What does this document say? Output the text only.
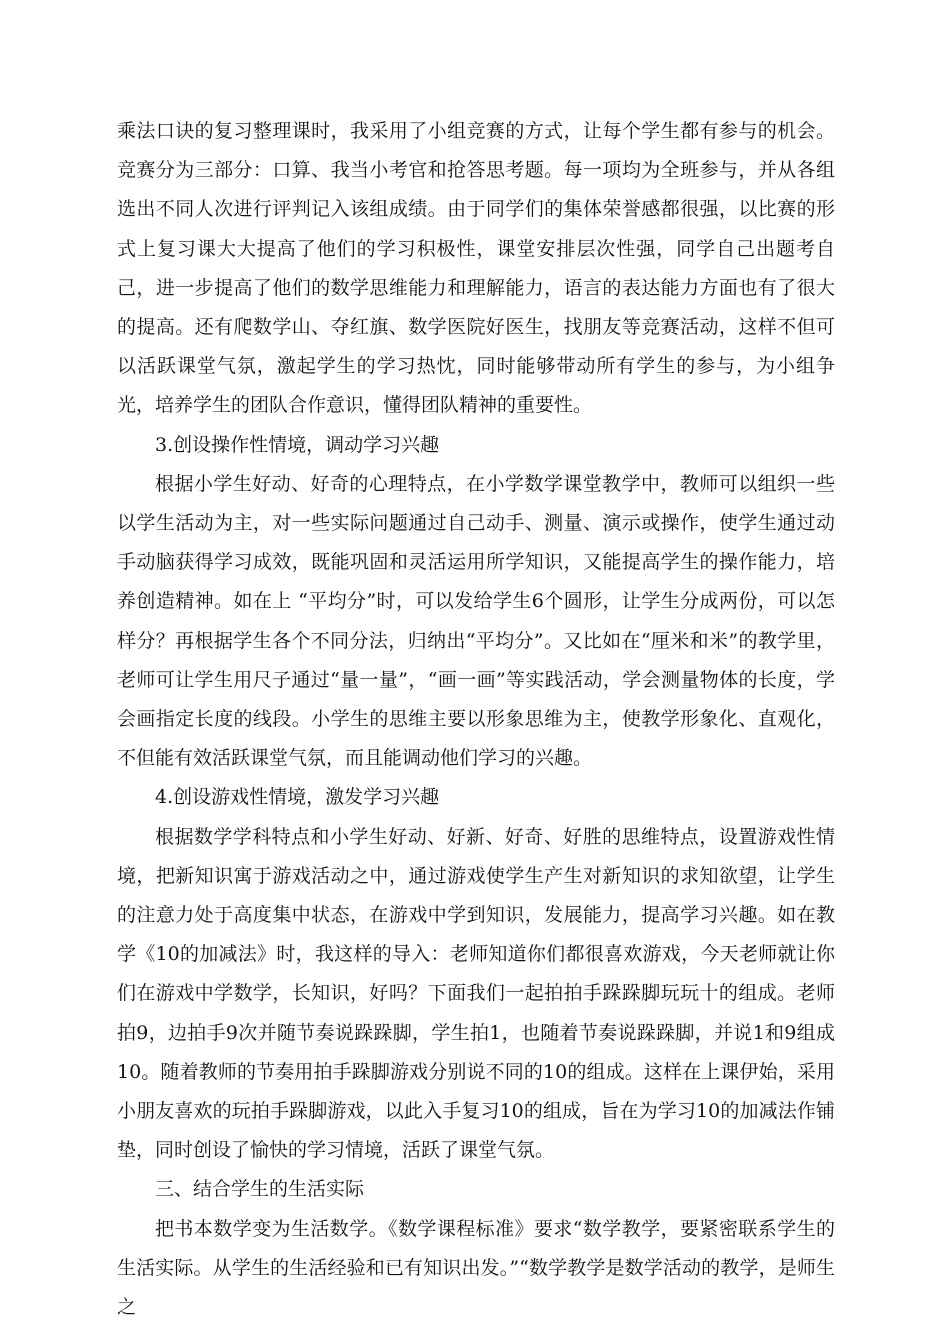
乘法口诀的复习整理课时，我采用了小组竞赛的方式，让每个学生都有参与的机会。竞赛分为三部分：口算、我当小考官和抢答思考题。每一项均为全班参与，并从各组选出不同人次进行评判记入该组成绩。由于同学们的集体荣誉感都很强，以比赛的形式上复习课大大提高了他们的学习积极性，课堂安排层次性强，同学自己出题考自己，进一步提高了他们的数学思维能力和理解能力，语言的表达能力方面也有了很大的提高。还有爬数学山、夺红旗、数学医院好医生，找朋友等竞赛活动，这样不但可以活跃课堂气氛，激起学生的学习热忱，同时能够带动所有学生的参与，为小组争光，培养学生的团队合作意识，懂得团队精神的重要性。

3.创设操作性情境，调动学习兴趣

根据小学生好动、好奇的心理特点，在小学数学课堂教学中，教师可以组织一些以学生活动为主，对一些实际问题通过自己动手、测量、演示或操作，使学生通过动手动脑获得学习成效，既能巩固和灵活运用所学知识，又能提高学生的操作能力，培养创造精神。如在上 “平均分”时，可以发给学生6个圆形，让学生分成两份，可以怎样分？再根据学生各个不同分法，归纳出“平均分”。又比如在“厘米和米”的教学里，老师可让学生用尺子通过“量一量”，“画一画”等实践活动，学会测量物体的长度，学会画指定长度的线段。小学生的思维主要以形象思维为主，使教学形象化、直观化，不但能有效活跃课堂气氛，而且能调动他们学习的兴趣。

4.创设游戏性情境，激发学习兴趣

根据数学学科特点和小学生好动、好新、好奇、好胜的思维特点，设置游戏性情境，把新知识寓于游戏活动之中，通过游戏使学生产生对新知识的求知欲望，让学生的注意力处于高度集中状态，在游戏中学到知识，发展能力，提高学习兴趣。如在教学《10的加减法》时，我这样的导入：老师知道你们都很喜欢游戏，今天老师就让你们在游戏中学数学，长知识，好吗？下面我们一起拍拍手跺跺脚玩玩十的组成。老师拍9，边拍手9次并随节奏说跺跺脚，学生拍1，也随着节奏说跺跺脚，并说1和9组成10。随着教师的节奏用拍手跺脚游戏分别说不同的10的组成。这样在上课伊始，采用小朋友喜欢的玩拍手跺脚游戏，以此入手复习10的组成，旨在为学习10的加减法作铺垫，同时创设了愉快的学习情境，活跃了课堂气氛。

三、结合学生的生活实际

把书本数学变为生活数学。《数学课程标准》要求“数学教学，要紧密联系学生的生活实际。从学生的生活经验和已有知识出发。”“数学教学是数学活动的教学，是师生之
